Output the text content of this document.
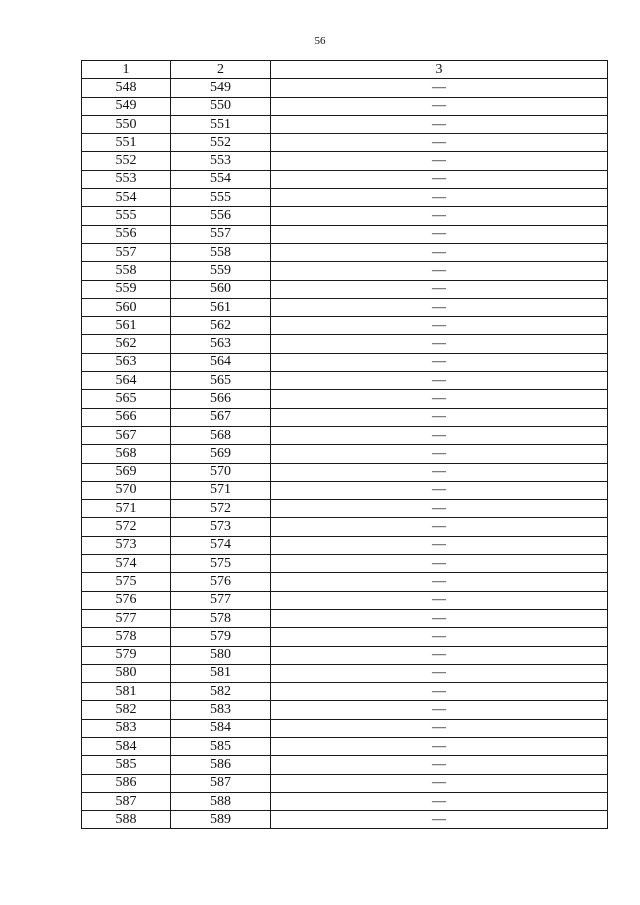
56
1	2	3
548	549	—
549	550	—
550	551	—
551	552	—
552	553	—
553	554	—
554	555	—
555	556	—
556	557	—
557	558	—
558	559	—
559	560	—
560	561	—
561	562	—
562	563	—
563	564	—
564	565	—
565	566	—
566	567	—
567	568	—
568	569	—
569	570	—
570	571	—
571	572	—
572	573	—
573	574	—
574	575	—
575	576	—
576	577	—
577	578	—
578	579	—
579	580	—
580	581	—
581	582	—
582	583	—
583	584	—
584	585	—
585	586	—
586	587	—
587	588	—
588	589	—
